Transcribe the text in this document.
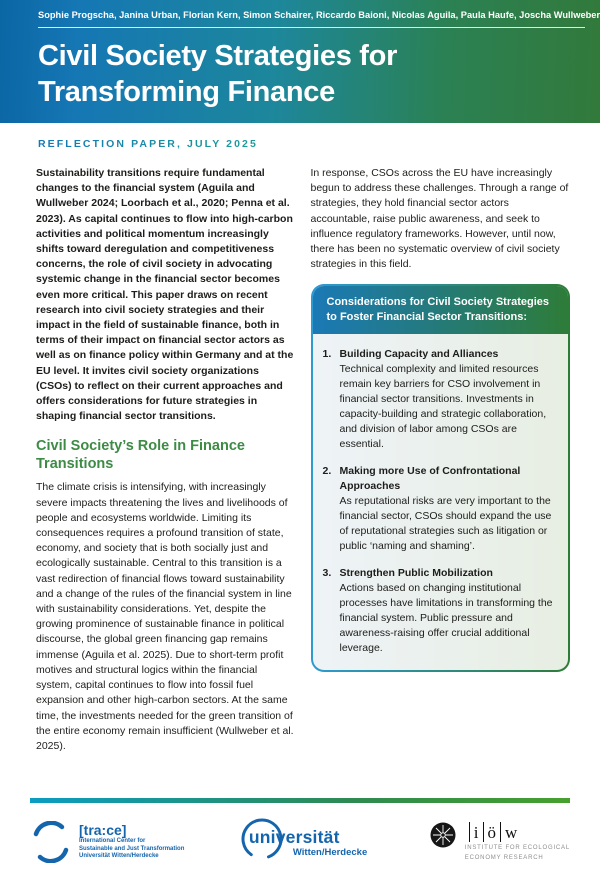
Sophie Progscha, Janina Urban, Florian Kern, Simon Schairer, Riccardo Baioni, Nicolas Aguila, Paula Haufe, Joscha Wullweber
Civil Society Strategies for
Transforming Finance
REFLECTION PAPER, JULY 2025

Sustainability transitions require fundamental changes to the financial system (Aguila and Wullweber 2024; Loorbach et al., 2020; Penna et al. 2023). As capital continues to flow into high-carbon activities and political momentum increasingly shifts toward deregulation and competitiveness concerns, the role of civil society in advocating systemic change in the financial sector becomes even more critical. This paper draws on recent research into civil society strategies and their impact in the field of sustainable finance, both in terms of their impact on financial sector actors as well as on finance policy within Germany and at the EU level. It invites civil society organizations (CSOs) to reflect on their current approaches and offers considerations for future strategies in shaping financial sector transitions.

Civil Society’s Role in Finance Transitions

The climate crisis is intensifying, with increasingly severe impacts threatening the lives and livelihoods of people and ecosystems worldwide. Limiting its consequences requires a profound transition of state, economy, and society that is both socially just and ecologically sustainable. Central to this transition is a vast redirection of financial flows toward sustainability and a change of the rules of the financial system in line with sustainability considerations. Yet, despite the growing prominence of sustainable finance in political discourse, the global green financing gap remains immense (Aguila et al. 2025). Due to short-term profit motives and structural logics within the financial system, capital continues to flow into fossil fuel expansion and other high-carbon sectors. At the same time, the investments needed for the green transition of the entire economy remain insufficient (Wullweber et al. 2025).

In response, CSOs across the EU have increasingly begun to address these challenges. Through a range of strategies, they hold financial sector actors accountable, raise public awareness, and seek to influence regulatory frameworks. However, until now, there has been no systematic overview of civil society strategies in this field.

Considerations for Civil Society Strategies to Foster Financial Sector Transitions:
1. Building Capacity and Alliances
Technical complexity and limited resources remain key barriers for CSO involvement in financial sector transitions. Investments in capacity-building and strategic collaboration, and division of labor among CSOs are essential.
2. Making more Use of Confrontational Approaches
As reputational risks are very important to the financial sector, CSOs should expand the use of reputational strategies such as litigation or public ‘naming and shaming’.
3. Strengthen Public Mobilization
Actions based on changing institutional processes have limitations in transforming the financial system. Public pressure and awareness-raising offer crucial additional leverage.
[tra:ce]
International Center for
Sustainable and Just Transformation
Universität Witten/Herdecke
universität
Witten/Herdecke
i ö w
INSTITUTE FOR ECOLOGICAL
ECONOMY RESEARCH
